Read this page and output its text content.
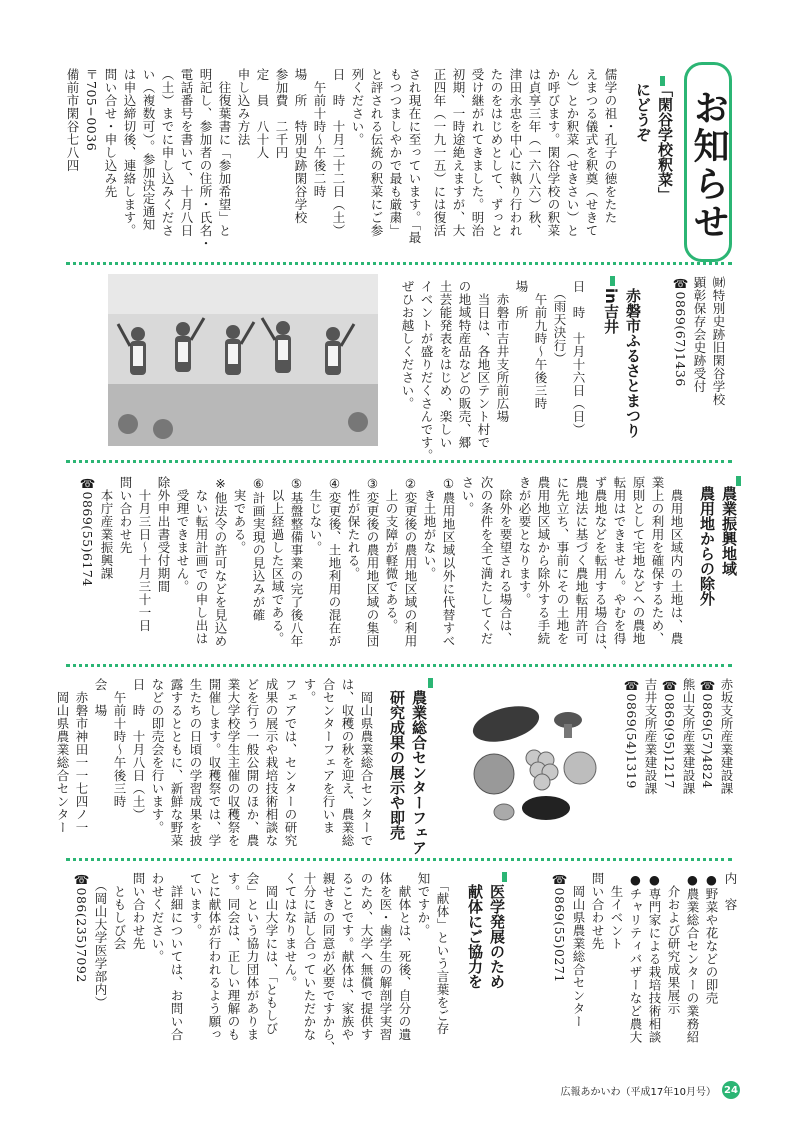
お知らせ
「閑谷学校釈菜」
にどうぞ
儒学の祖・孔子の徳をたた
えまつる儀式を釈奠（せきて
ん）とか釈菜（せきさい）と
か呼びます。閑谷学校の釈菜
は貞享三年（一六八六）秋、
津田永忠を中心に執り行われ
たのをはじめとして、ずっと
受け継がれてきました。明治
初期、一時途絶えますが、大
正四年（一九一五）には復活
され現在に至っています。「最
もつつましやかで最も厳粛」
と評される伝統の釈菜にご参
列ください。
日　時　十月二十二日（土）
　午前十時〜午後二時
場　所　特別史跡閑谷学校
参加費　二千円
定　員　八十人
申し込み方法
　往復葉書に「参加希望」と
明記し、参加者の住所・氏名・
電話番号を書いて、十月八日
（土）までに申し込みくださ
い（複数可）。参加決定通知
は申込締切後、連絡します。
問い合せ・申し込み先
〒705−0036
備前市閑谷七八四
㈶特別史跡旧閑谷学校
顕彰保存会史跡受付
☎0869(67)1436
赤磐市ふるさとまつり
in吉井
日　時　十月十六日（日）
　（雨天決行）
　午前九時〜午後三時
場　所
　赤磐市吉井支所前広場
　当日は、各地区テント村で
の地域特産品などの販売、郷
土芸能発表をはじめ、楽しい
イベントが盛りだくさんです。
ぜひお越しください。
農業振興地域
農用地からの除外
　農用地区域内の土地は、農
業上の利用を確保するため、
原則として宅地などへの農地
転用はできません。やむを得
ず農地などを転用する場合は、
農地法に基づく農地転用許可
に先立ち、事前にその土地を
農用地区域から除外する手続
きが必要となります。
　除外を要望される場合は、
次の条件を全て満たしてくだ
さい。
①農用地区域以外に代替すべ
　き土地がない。
②変更後の農用地区域の利用
　上の支障が軽微である。
③変更後の農用地区域の集団
　性が保たれる。
④変更後、土地利用の混在が
　生じない。
⑤基盤整備事業の完了後八年
　以上経過した区域である。
⑥計画実現の見込みが確
　実である。
※他法令の許可などを見込め
　ない転用計画での申し出は
　受理できません。
除外申出書受付期間
　十月三日〜十月三十一日
問い合わせ先
　本庁産業振興課
☎0869(55)6174
赤坂支所産業建設課
☎0869(57)4824
熊山支所産業建設課
☎0869(95)1217
吉井支所産業建設課
☎0869(54)1319
農業総合センターフェア
研究成果の展示や即売
　岡山県農業総合センターで
は、収穫の秋を迎え、農業総
合センターフェアを行います。
フェアでは、センターの研究
成果の展示や栽培技術相談な
どを行う一般公開のほか、農
業大学校学生主催の収穫祭を
開催します。収穫祭では、学
生たちの日頃の学習成果を披
露するとともに、新鮮な野菜
などの即売会を行います。
日　時　十月八日（土）
　午前十時〜午後三時
会　場
　赤磐市神田一一七四ノ一
　岡山県農業総合センター
内　容
●野菜や花などの即売
●農業総合センターの業務紹
　介および研究成果展示
●専門家による栽培技術相談
●チャリティバザーなど農大
　生イベント
問い合わせ先
　岡山県農業総合センター
☎0869(55)0271
医学発展のため
献体にご協力を
　「献体」という言葉をご存
知ですか。
　献体とは、死後、自分の遺
体を医・歯学生の解剖学実習
のため、大学へ無償で提供す
ることです。献体は、家族や
親せきの同意が必要ですから、
十分に話し合っていただかな
くてはなりません。
　岡山大学には、「ともしび
会」という協力団体がありま
す。同会は、正しい理解のも
とに献体が行われるよう願っ
ています。
　詳細については、お問い合
わせください。
問い合わせ先
　ともしび会
　（岡山大学医学部内）
☎086(235)7092
広報あかいわ（平成17年10月号） 24
